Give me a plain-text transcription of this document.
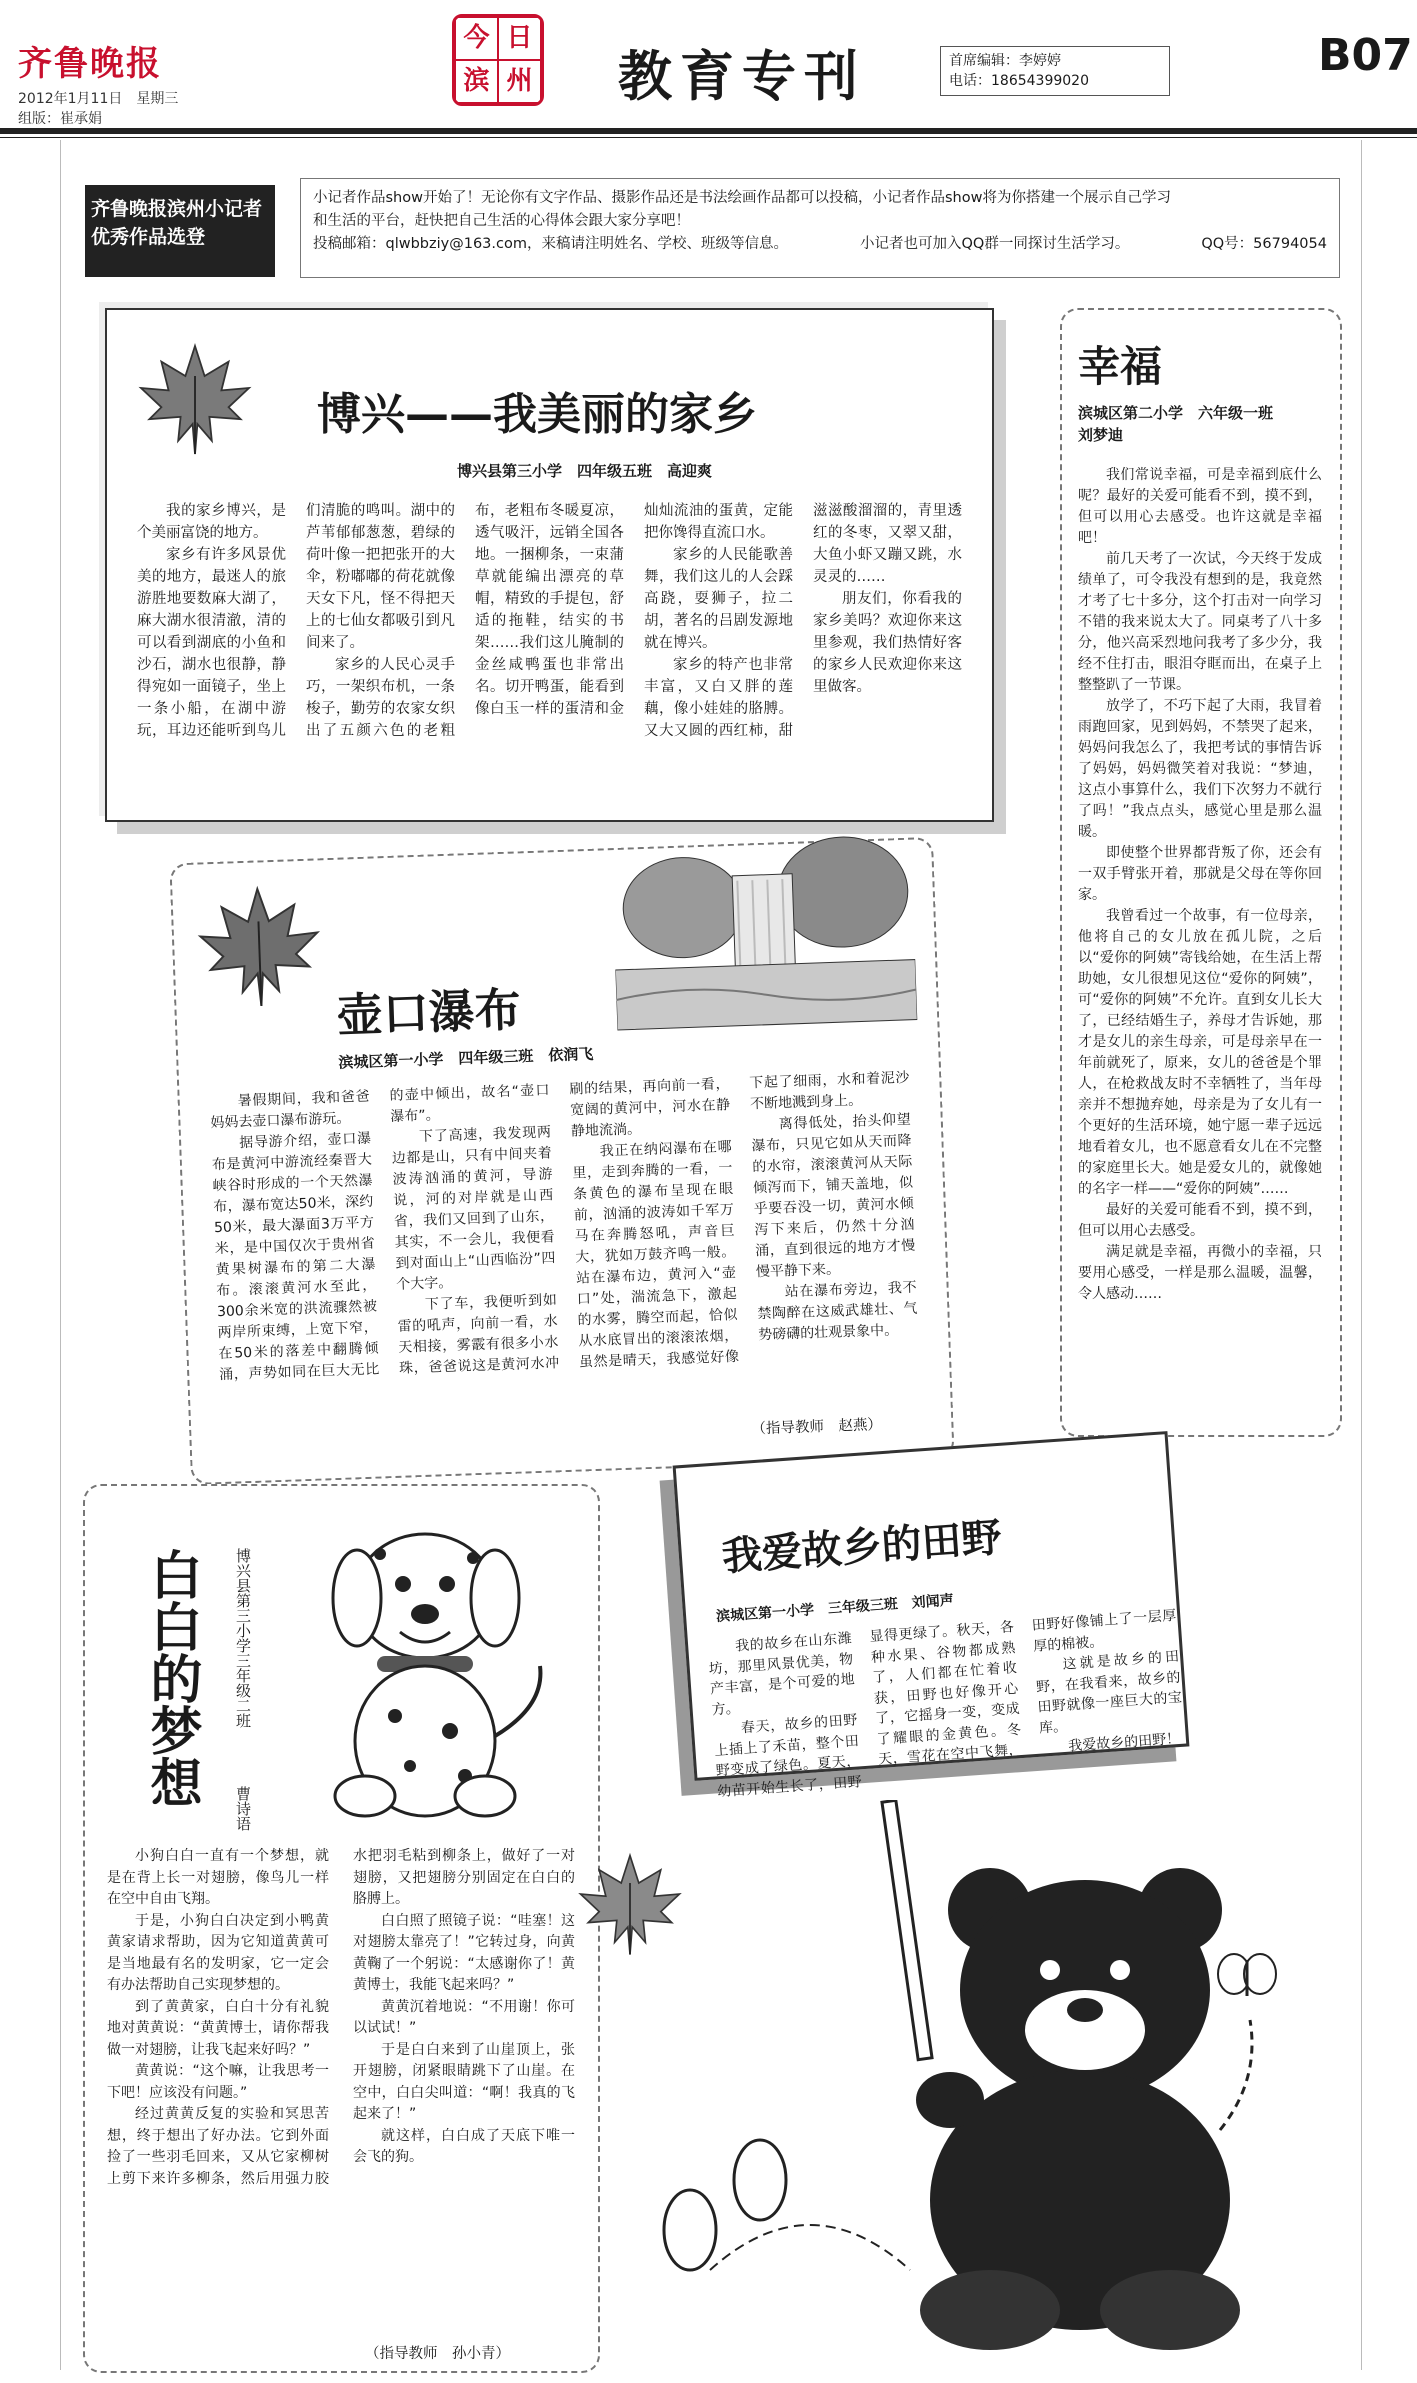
齐鲁晚报
2012年1月11日　星期三
组版：崔承娟
今 日
滨 州 教育专刊	首席编辑：李婷婷
电话：18654399020	B07
齐鲁晚报滨州小记者
优秀作品选登
小记者作品show开始了！无论你有文字作品、摄影作品还是书法绘画作品都可以投稿，小记者作品show将为你搭建一个展示自己学习
和生活的平台，赶快把自己生活的心得体会跟大家分享吧！
投稿邮箱：qlwbbziy@163.com，来稿请注明姓名、学校、班级等信息。	小记者也可加入QQ群一同探讨生活学习。	QQ号：56794054
博兴——我美丽的家乡
博兴县第三小学　四年级五班　高迎爽

我的家乡博兴，是个美丽富饶的地方。

家乡有许多风景优美的地方，最迷人的旅游胜地要数麻大湖了，麻大湖水很清澈，清的可以看到湖底的小鱼和沙石，湖水也很静，静得宛如一面镜子，坐上一条小船，在湖中游玩，耳边还能听到鸟儿们清脆的鸣叫。湖中的芦苇郁郁葱葱，碧绿的荷叶像一把把张开的大伞，粉嘟嘟的荷花就像天女下凡，怪不得把天上的七仙女都吸引到凡间来了。

家乡的人民心灵手巧，一架织布机，一条梭子，勤劳的农家女织出了五颜六色的老粗布，老粗布冬暖夏凉，透气吸汗，远销全国各地。一捆柳条，一束蒲草就能编出漂亮的草帽，精致的手提包，舒适的拖鞋，结实的书架……我们这儿腌制的金丝咸鸭蛋也非常出名。切开鸭蛋，能看到像白玉一样的蛋清和金灿灿流油的蛋黄，定能把你馋得直流口水。

家乡的人民能歌善舞，我们这儿的人会踩高跷，耍狮子，拉二胡，著名的吕剧发源地就在博兴。

家乡的特产也非常丰富，又白又胖的莲藕，像小娃娃的胳膊。又大又圆的西红柿，甜滋滋酸溜溜的，青里透红的冬枣，又翠又甜，大鱼小虾又蹦又跳，水灵灵的……

朋友们，你看我的家乡美吗？欢迎你来这里参观，我们热情好客的家乡人民欢迎你来这里做客。

幸福
滨城区第二小学　六年级一班
刘梦迪

我们常说幸福，可是幸福到底什么呢？最好的关爱可能看不到，摸不到，但可以用心去感受。也许这就是幸福吧！

前几天考了一次试，今天终于发成绩单了，可令我没有想到的是，我竟然才考了七十多分，这个打击对一向学习不错的我来说太大了。同桌考了八十多分，他兴高采烈地问我考了多少分，我经不住打击，眼泪夺眶而出，在桌子上整整趴了一节课。

放学了，不巧下起了大雨，我冒着雨跑回家，见到妈妈，不禁哭了起来，妈妈问我怎么了，我把考试的事情告诉了妈妈，妈妈微笑着对我说：“梦迪，这点小事算什么，我们下次努力不就行了吗！”我点点头，感觉心里是那么温暖。

即使整个世界都背叛了你，还会有一双手臂张开着，那就是父母在等你回家。

我曾看过一个故事，有一位母亲，他将自己的女儿放在孤儿院，之后以“爱你的阿姨”寄钱给她，在生活上帮助她，女儿很想见这位“爱你的阿姨”，可“爱你的阿姨”不允许。直到女儿长大了，已经结婚生子，养母才告诉她，那才是女儿的亲生母亲，可是母亲早在一年前就死了，原来，女儿的爸爸是个罪人，在枪救战友时不幸牺牲了，当年母亲并不想抛弃她，母亲是为了女儿有一个更好的生活环境，她宁愿一辈子远远地看着女儿，也不愿意看女儿在不完整的家庭里长大。她是爱女儿的，就像她的名字一样——“爱你的阿姨”……

最好的关爱可能看不到，摸不到，但可以用心去感受。

满足就是幸福，再微小的幸福，只要用心感受，一样是那么温暖，温馨，令人感动……

壶口瀑布
滨城区第一小学　四年级三班　依润飞

暑假期间，我和爸爸妈妈去壶口瀑布游玩。

据导游介绍，壶口瀑布是黄河中游流经秦晋大峡谷时形成的一个天然瀑布，瀑布宽达50米，深约50米，最大瀑面3万平方米，是中国仅次于贵州省黄果树瀑布的第二大瀑布。滚滚黄河水至此，300余米宽的洪流骤然被两岸所束缚，上宽下窄，在50米的落差中翻腾倾涌，声势如同在巨大无比的壶中倾出，故名“壶口瀑布”。

下了高速，我发现两边都是山，只有中间夹着波涛汹涌的黄河，导游说，河的对岸就是山西省，我们又回到了山东，其实，不一会儿，我便看到对面山上“山西临汾”四个大字。

下了车，我便听到如雷的吼声，向前一看，水天相接，雾霰有很多小水珠，爸爸说这是黄河水冲刷的结果，再向前一看，宽阔的黄河中，河水在静静地流淌。

我正在纳闷瀑布在哪里，走到奔腾的一看，一条黄色的瀑布呈现在眼前，汹涌的波涛如千军万马在奔腾怒吼，声音巨大，犹如万鼓齐鸣一般。站在瀑布边，黄河入“壶口”处，湍流急下，激起的水雾，腾空而起，恰似从水底冒出的滚滚浓烟，虽然是晴天，我感觉好像下起了细雨，水和着泥沙不断地溅到身上。

离得低处，抬头仰望瀑布，只见它如从天而降的水帘，滚滚黄河从天际倾泻而下，铺天盖地，似乎要吞没一切，黄河水倾泻下来后，仍然十分汹涌，直到很远的地方才慢慢平静下来。

站在瀑布旁边，我不禁陶醉在这威武雄壮、气势磅礴的壮观景象中。

（指导教师　赵燕）
白白的梦想 博兴县第三小学三年级二班
曹诗语

小狗白白一直有一个梦想，就是在背上长一对翅膀，像鸟儿一样在空中自由飞翔。

于是，小狗白白决定到小鸭黄黄家请求帮助，因为它知道黄黄可是当地最有名的发明家，它一定会有办法帮助自己实现梦想的。

到了黄黄家，白白十分有礼貌地对黄黄说：“黄黄博士，请你帮我做一对翅膀，让我飞起来好吗？”

黄黄说：“这个嘛，让我思考一下吧！应该没有问题。”

经过黄黄反复的实验和冥思苦想，终于想出了好办法。它到外面捡了一些羽毛回来，又从它家柳树上剪下来许多柳条，然后用强力胶水把羽毛粘到柳条上，做好了一对翅膀，又把翅膀分别固定在白白的胳膊上。

白白照了照镜子说：“哇塞！这对翅膀太靠亮了！”它转过身，向黄黄鞠了一个躬说：“太感谢你了！黄黄博士，我能飞起来吗？”

黄黄沉着地说：“不用谢！你可以试试！”

于是白白来到了山崖顶上，张开翅膀，闭紧眼睛跳下了山崖。在空中，白白尖叫道：“啊！我真的飞起来了！”

就这样，白白成了天底下唯一会飞的狗。

（指导教师　孙小青）
我爱故乡的田野
滨城区第一小学　三年级三班　刘闻声

我的故乡在山东潍坊，那里风景优美，物产丰富，是个可爱的地方。

春天，故乡的田野上插上了禾苗，整个田野变成了绿色。夏天，幼苗开始生长了，田野显得更绿了。秋天，各种水果、谷物都成熟了，人们都在忙着收获，田野也好像开心了，它摇身一变，变成了耀眼的金黄色。冬天，雪花在空中飞舞，田野好像铺上了一层厚厚的棉被。

这就是故乡的田野，在我看来，故乡的田野就像一座巨大的宝库。

我爱故乡的田野！
